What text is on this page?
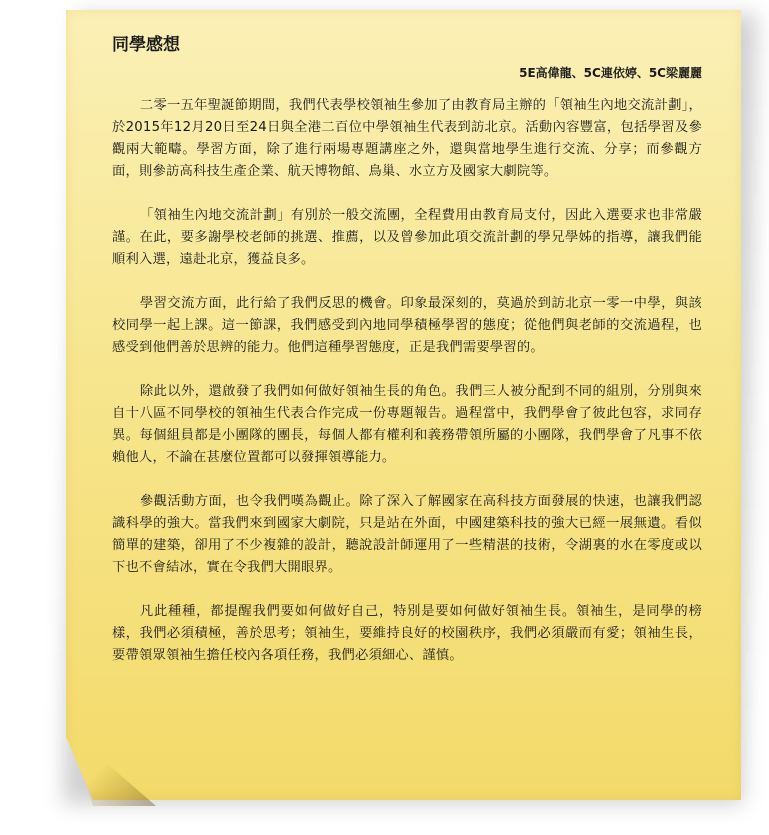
同學感想
5E高偉龍、5C連依婷、5C梁麗麗

二零一五年聖誕節期間，我們代表學校領袖生參加了由教育局主辦的「領袖生內地交流計劃」，於2015年12月20日至24日與全港二百位中學領袖生代表到訪北京。活動內容豐富，包括學習及參觀兩大範疇。學習方面，除了進行兩場專題講座之外，還與當地學生進行交流、分享；而參觀方面，則參訪高科技生產企業、航天博物館、鳥巢、水立方及國家大劇院等。

「領袖生內地交流計劃」有別於一般交流團，全程費用由教育局支付，因此入選要求也非常嚴謹。在此，要多謝學校老師的挑選、推薦，以及曾參加此項交流計劃的學兄學姊的指導，讓我們能順利入選，遠赴北京，獲益良多。

學習交流方面，此行給了我們反思的機會。印象最深刻的，莫過於到訪北京一零一中學，與該校同學一起上課。這一節課，我們感受到內地同學積極學習的態度；從他們與老師的交流過程，也感受到他們善於思辨的能力。他們這種學習態度，正是我們需要學習的。

除此以外，還啟發了我們如何做好領袖生長的角色。我們三人被分配到不同的組別，分別與來自十八區不同學校的領袖生代表合作完成一份專題報告。過程當中，我們學會了彼此包容，求同存異。每個組員都是小團隊的團長，每個人都有權利和義務帶領所屬的小團隊，我們學會了凡事不依賴他人，不論在甚麼位置都可以發揮領導能力。

參觀活動方面，也令我們嘆為觀止。除了深入了解國家在高科技方面發展的快速，也讓我們認識科學的強大。當我們來到國家大劇院，只是站在外面，中國建築科技的強大已經一展無遺。看似簡單的建築，卻用了不少複雜的設計，聽說設計師運用了一些精湛的技術，令湖裏的水在零度或以下也不會結冰，實在令我們大開眼界。

凡此種種，都提醒我們要如何做好自己，特別是要如何做好領袖生長。領袖生，是同學的榜樣，我們必須積極，善於思考；領袖生，要維持良好的校園秩序，我們必須嚴而有愛；領袖生長，要帶領眾領袖生擔任校內各項任務，我們必須細心、謹慎。
